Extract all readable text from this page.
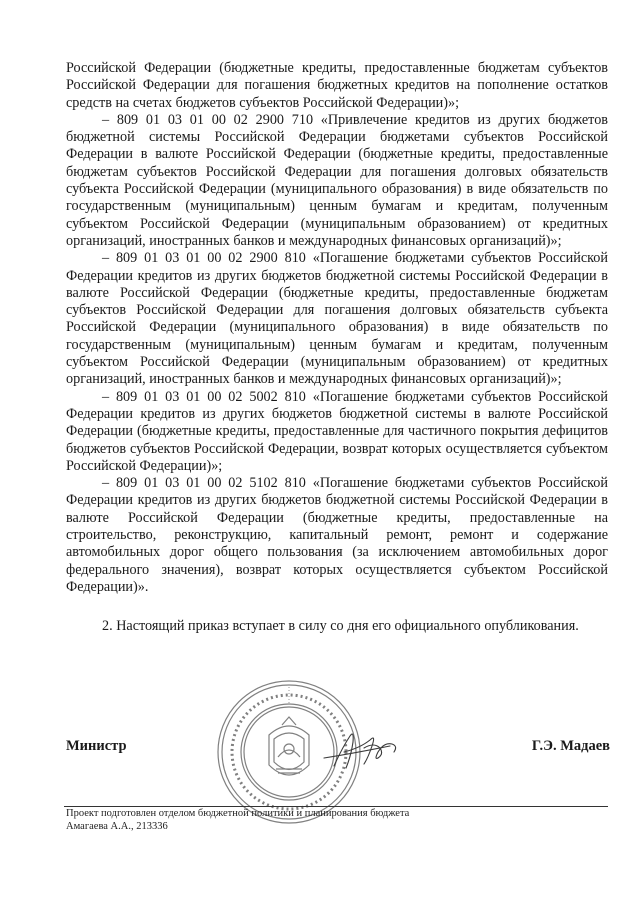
Российской Федерации (бюджетные кредиты, предоставленные бюджетам субъектов Российской Федерации для погашения бюджетных кредитов на пополнение остатков средств на счетах бюджетов субъектов Российской Федерации)»;

– 809 01 03 01 00 02 2900 710 «Привлечение кредитов из других бюджетов бюджетной системы Российской Федерации бюджетами субъектов Российской Федерации в валюте Российской Федерации (бюджетные кредиты, предоставленные бюджетам субъектов Российской Федерации для погашения долговых обязательств субъекта Российской Федерации (муниципального образования) в виде обязательств по государственным (муниципальным) ценным бумагам и кредитам, полученным субъектом Российской Федерации (муниципальным образованием) от кредитных организаций, иностранных банков и международных финансовых организаций)»;

– 809 01 03 01 00 02 2900 810 «Погашение бюджетами субъектов Российской Федерации кредитов из других бюджетов бюджетной системы Российской Федерации в валюте Российской Федерации (бюджетные кредиты, предоставленные бюджетам субъектов Российской Федерации для погашения долговых обязательств субъекта Российской Федерации (муниципального образования) в виде обязательств по государственным (муниципальным) ценным бумагам и кредитам, полученным субъектом Российской Федерации (муниципальным образованием) от кредитных организаций, иностранных банков и международных финансовых организаций)»;

– 809 01 03 01 00 02 5002 810 «Погашение бюджетами субъектов Российской Федерации кредитов из других бюджетов бюджетной системы в валюте Российской Федерации (бюджетные кредиты, предоставленные для частичного покрытия дефицитов бюджетов субъектов Российской Федерации, возврат которых осуществляется субъектом Российской Федерации)»;

– 809 01 03 01 00 02 5102 810 «Погашение бюджетами субъектов Российской Федерации кредитов из других бюджетов бюджетной системы Российской Федерации в валюте Российской Федерации (бюджетные кредиты, предоставленные на строительство, реконструкцию, капитальный ремонт, ремонт и содержание автомобильных дорог общего пользования (за исключением автомобильных дорог федерального значения), возврат которых осуществляется субъектом Российской Федерации)».

2. Настоящий приказ вступает в силу со дня его официального опубликования.

Министр	Г.Э. Мадаев
Проект подготовлен отделом бюджетной политики и планирования бюджета
Амагаева А.А., 213336
